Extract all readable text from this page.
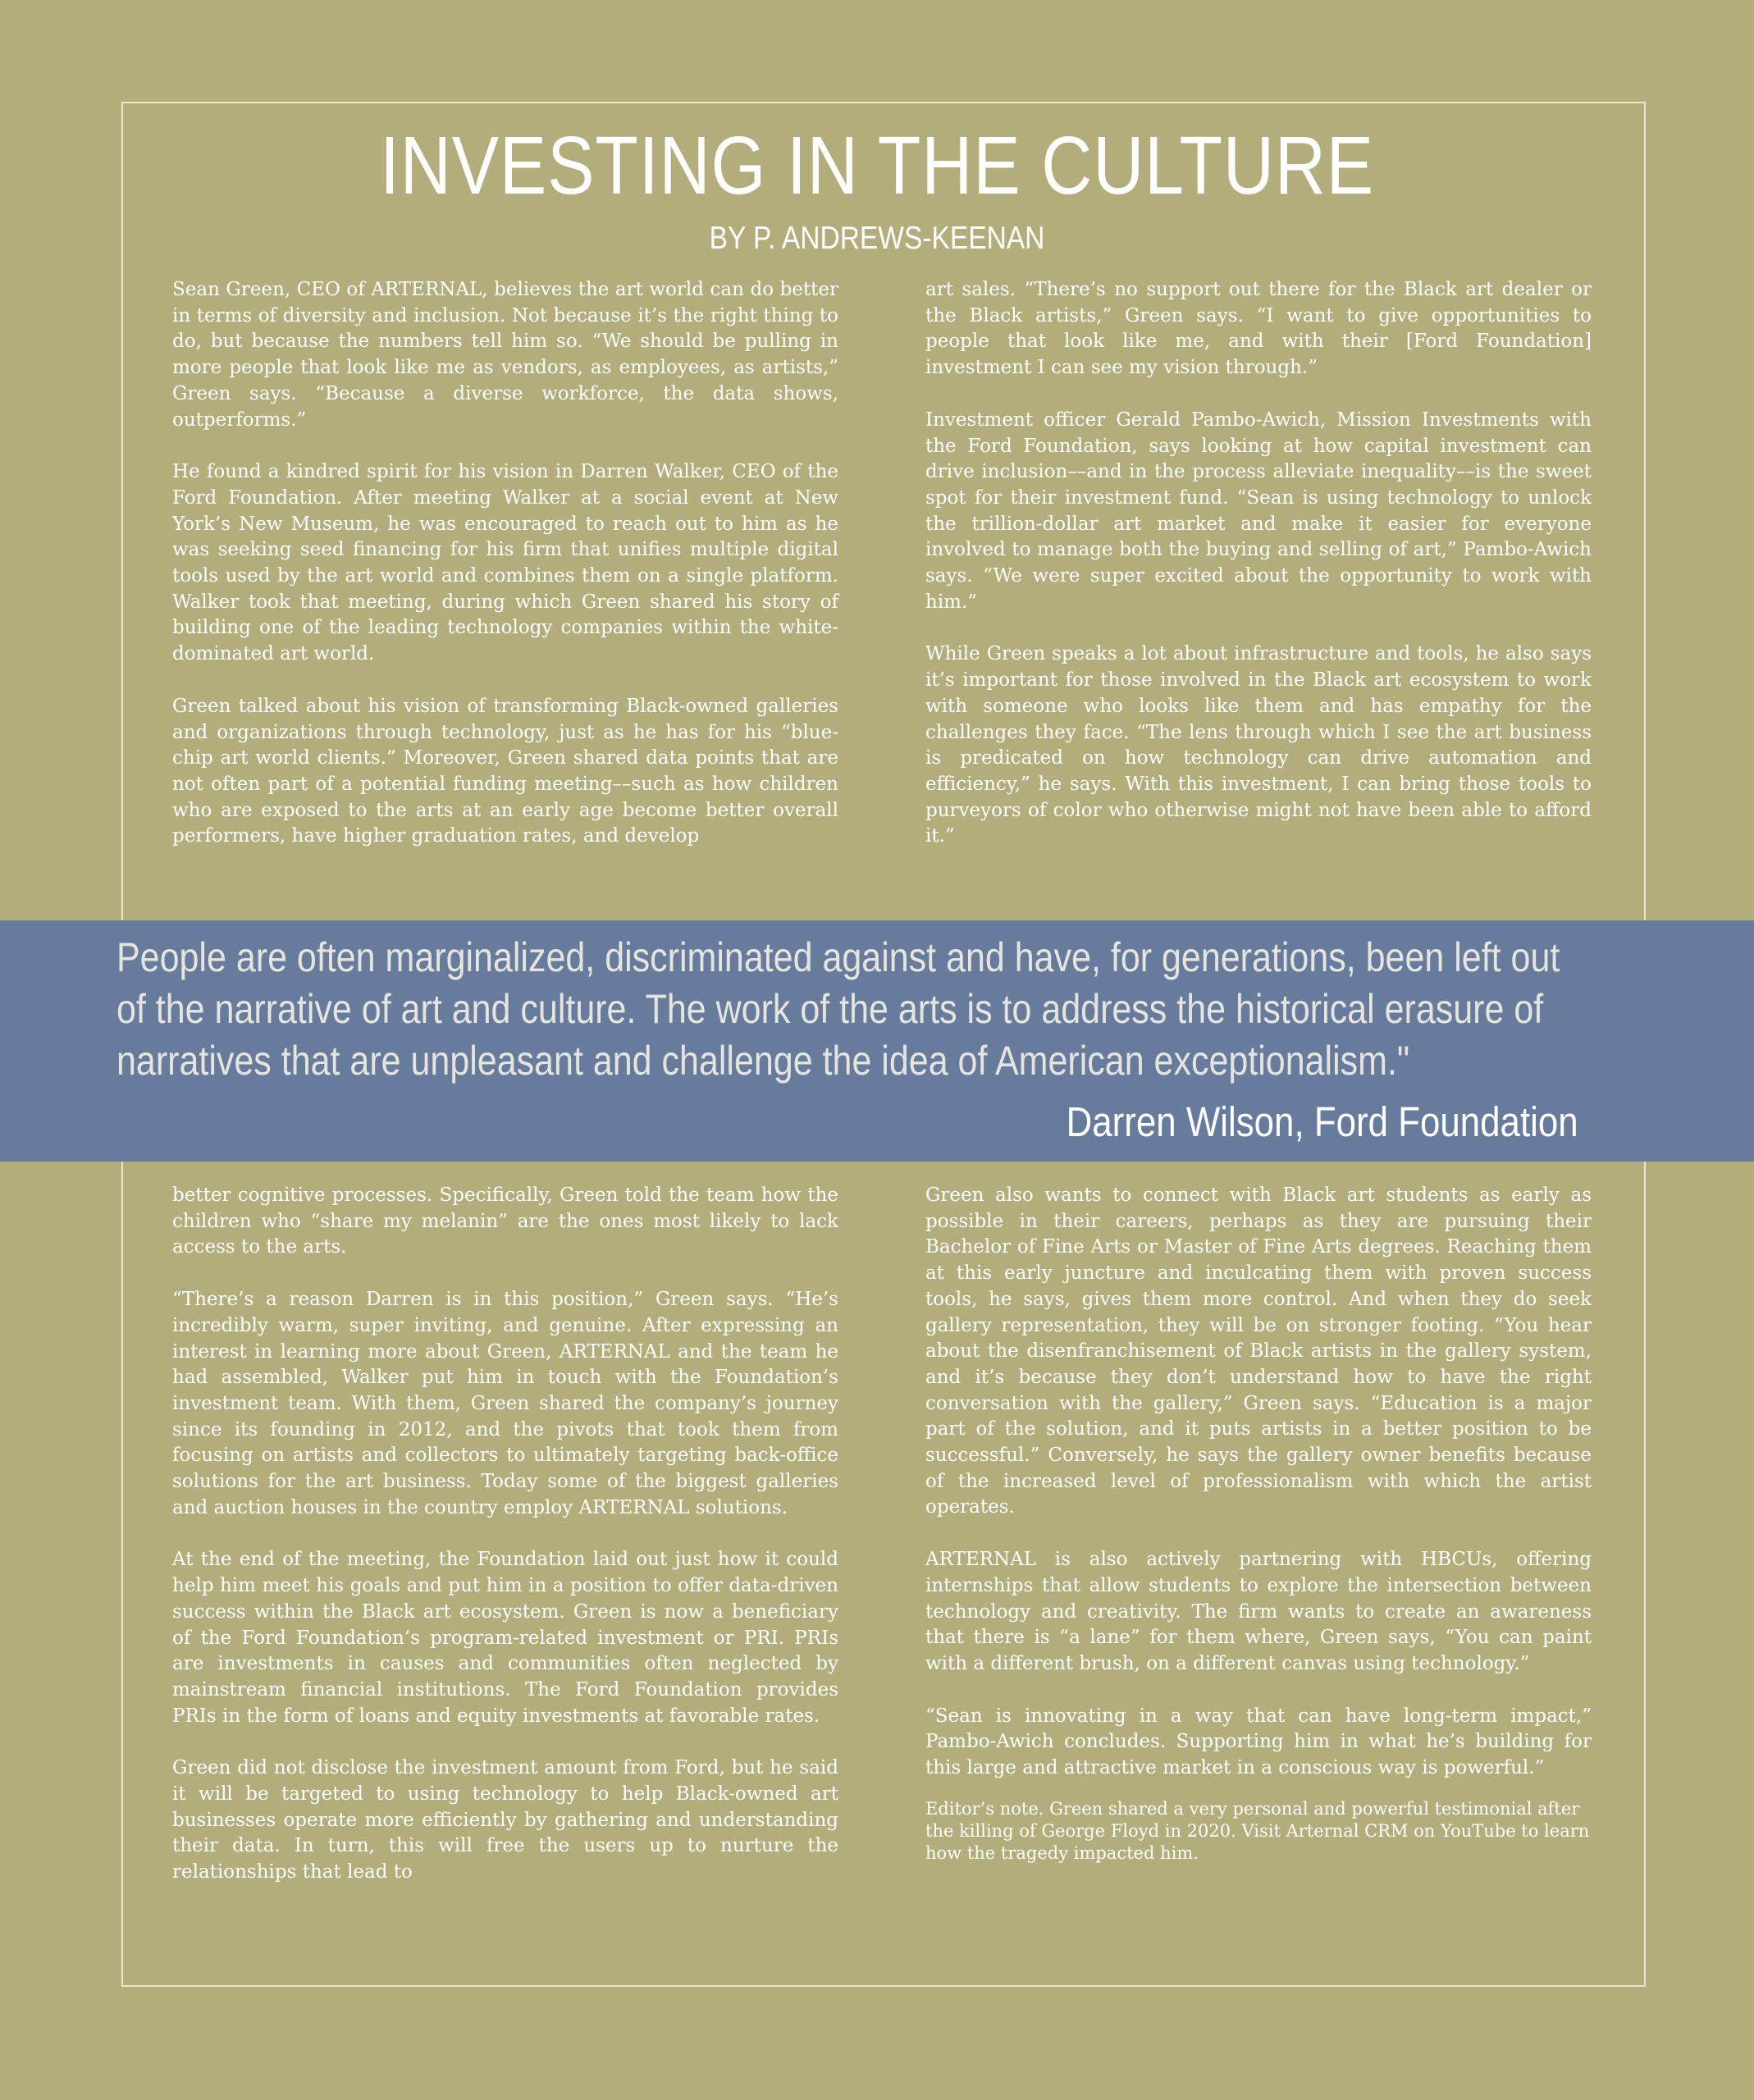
INVESTING IN THE CULTURE
BY P. ANDREWS-KEENAN

Sean Green, CEO of ARTERNAL, believes the art world can do better in terms of diversity and inclusion. Not because it’s the right thing to do, but because the numbers tell him so. “We should be pulling in more people that look like me as vendors, as employees, as artists,” Green says. “Because a diverse workforce, the data shows, outperforms.”

He found a kindred spirit for his vision in Darren Walker, CEO of the Ford Foundation. After meeting Walker at a social event at New York’s New Museum, he was encouraged to reach out to him as he was seeking seed financing for his firm that unifies multiple digital tools used by the art world and combines them on a single platform. Walker took that meeting, during which Green shared his story of building one of the leading technology companies within the white-dominated art world.

Green talked about his vision of transforming Black-owned galleries and organizations through technology, just as he has for his “blue-chip art world clients.” Moreover, Green shared data points that are not often part of a potential funding meeting––such as how children who are exposed to the arts at an early age become better overall performers, have higher graduation rates, and develop

art sales. “There’s no support out there for the Black art dealer or the Black artists,” Green says. “I want to give opportunities to people that look like me, and with their [Ford Foundation] investment I can see my vision through.”

Investment officer Gerald Pambo-Awich, Mission Investments with the Ford Foundation, says looking at how capital investment can drive inclusion––and in the process alleviate inequality––is the sweet spot for their investment fund. “Sean is using technology to unlock the trillion-dollar art market and make it easier for everyone involved to manage both the buying and selling of art,” Pambo-Awich says. “We were super excited about the opportunity to work with him.”

While Green speaks a lot about infrastructure and tools, he also says it’s important for those involved in the Black art ecosystem to work with someone who looks like them and has empathy for the challenges they face. “The lens through which I see the art business is predicated on how technology can drive automation and efficiency,” he says. With this investment, I can bring those tools to purveyors of color who otherwise might not have been able to afford it.”

People are often marginalized, discriminated against and have, for generations, been left out
of the narrative of art and culture. The work of the arts is to address the historical erasure of
narratives that are unpleasant and challenge the idea of American exceptionalism."
Darren Wilson, Ford Foundation

better cognitive processes. Specifically, Green told the team how the children who “share my melanin” are the ones most likely to lack access to the arts.

“There’s a reason Darren is in this position,” Green says. “He’s incredibly warm, super inviting, and genuine. After expressing an interest in learning more about Green, ARTERNAL and the team he had assembled, Walker put him in touch with the Foundation’s investment team. With them, Green shared the company’s journey since its founding in 2012, and the pivots that took them from focusing on artists and collectors to ultimately targeting back-office solutions for the art business. Today some of the biggest galleries and auction houses in the country employ ARTERNAL solutions.

At the end of the meeting, the Foundation laid out just how it could help him meet his goals and put him in a position to offer data-driven success within the Black art ecosystem. Green is now a beneficiary of the Ford Foundation’s program-related investment or PRI. PRIs are investments in causes and communities often neglected by mainstream financial institutions. The Ford Foundation provides PRIs in the form of loans and equity investments at favorable rates.

Green did not disclose the investment amount from Ford, but he said it will be targeted to using technology to help Black-owned art businesses operate more efficiently by gathering and understanding their data. In turn, this will free the users up to nurture the relationships that lead to

Green also wants to connect with Black art students as early as possible in their careers, perhaps as they are pursuing their Bachelor of Fine Arts or Master of Fine Arts degrees. Reaching them at this early juncture and inculcating them with proven success tools, he says, gives them more control. And when they do seek gallery representation, they will be on stronger footing. “You hear about the disenfranchisement of Black artists in the gallery system, and it’s because they don’t understand how to have the right conversation with the gallery,” Green says. “Education is a major part of the solution, and it puts artists in a better position to be successful.” Conversely, he says the gallery owner benefits because of the increased level of professionalism with which the artist operates.

ARTERNAL is also actively partnering with HBCUs, offering internships that allow students to explore the intersection between technology and creativity. The firm wants to create an awareness that there is “a lane” for them where, Green says, “You can paint with a different brush, on a different canvas using technology.”

“Sean is innovating in a way that can have long-term impact,” Pambo-Awich concludes. Supporting him in what he’s building for this large and attractive market in a conscious way is powerful.”

Editor’s note. Green shared a very personal and powerful testimonial after the killing of George Floyd in 2020. Visit Arternal CRM on YouTube to learn how the tragedy impacted him.
